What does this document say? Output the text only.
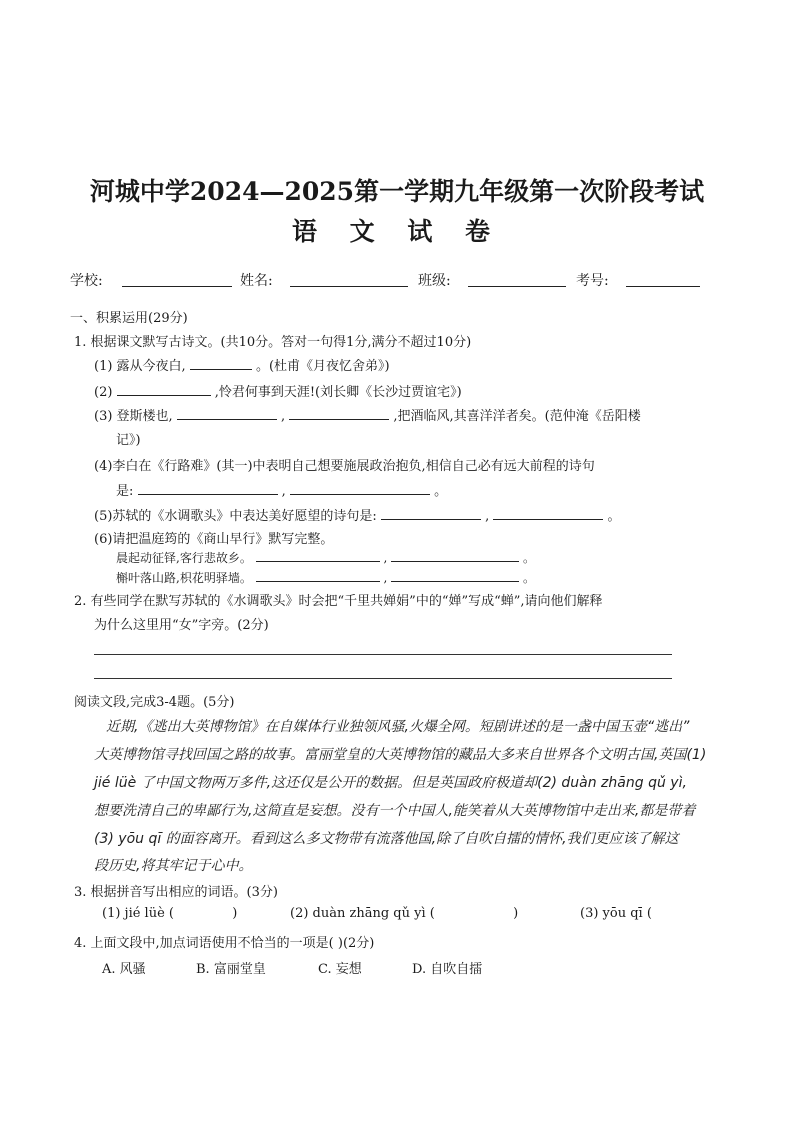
河城中学2024—2025第一学期九年级第一次阶段考试
语 文 试 卷
学校:	姓名:	班级:	考号:
一、积累运用(29分)
1. 根据课文默写古诗文。(共10分。答对一句得1分,满分不超过10分)
(1) 露从今夜白,	。(杜甫《月夜忆舍弟》)
(2)	,怜君何事到天涯!(刘长卿《长沙过贾谊宅》)
(3) 登斯楼也,	,	,把酒临风,其喜洋洋者矣。(范仲淹《岳阳楼
记》)
(4)李白在《行路难》(其一)中表明自己想要施展政治抱负,相信自己必有远大前程的诗句
是:	,	。
(5)苏轼的《水调歌头》中表达美好愿望的诗句是:	,	。
(6)请把温庭筠的《商山早行》默写完整。
晨起动征铎,客行悲故乡。	,	。
槲叶落山路,枳花明驿墙。	,	。
2. 有些同学在默写苏轼的《水调歌头》时会把“千里共婵娟”中的“婵”写成“蝉”,请向他们解释
为什么这里用“女”字旁。(2分)
阅读文段,完成3-4题。(5分)
近期,《逃出大英博物馆》在自媒体行业独领风骚,火爆全网。短剧讲述的是一盏中国玉壶“逃出”
大英博物馆寻找回国之路的故事。富丽堂皇的大英博物馆的藏品大多来自世界各个文明古国,英国(1)
jié lüè 了中国文物两万多件,这还仅是公开的数据。但是英国政府极道却(2) duàn zhāng qǔ yì,
想要洗清自己的卑鄙行为,这简直是妄想。没有一个中国人,能笑着从大英博物馆中走出来,都是带着
(3) yōu qī 的面容离开。看到这么多文物带有流落他国,除了自吹自擂的情怀,我们更应该了解这
段历史,将其牢记于心中。
3. 根据拼音写出相应的词语。(3分)
(1) jié lüè (	)	(2) duàn zhāng qǔ yì (	)	(3) yōu qī (
4. 上面文段中,加点词语使用不恰当的一项是( )(2分)
A. 风骚	B. 富丽堂皇	C. 妄想	D. 自吹自擂
